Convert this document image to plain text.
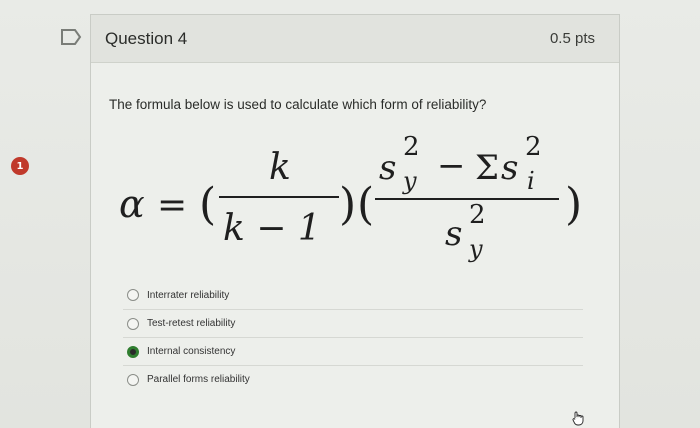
1
Question 4	0.5 pts
The formula below is used to calculate which form of reliability?
α = (
k
k − 1 ) (
s
2
y − Σ s
2
i
s 2
y
)
Interrater reliability
Test-retest reliability
Internal consistency
Parallel forms reliability
